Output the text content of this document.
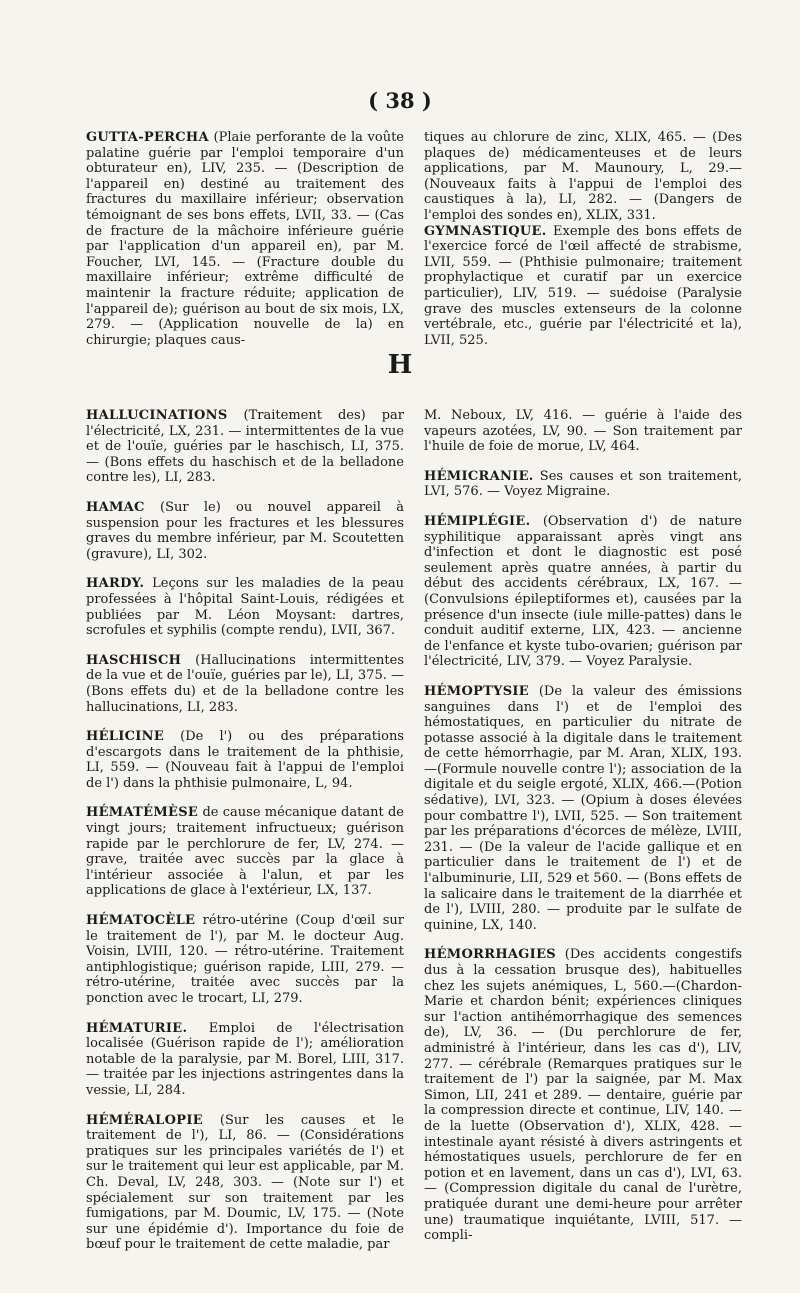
( 38 )

GUTTA-PERCHA (Plaie perforante de la voûte palatine guérie par l'emploi temporaire d'un obturateur en), LIV, 235. — (Description de l'appareil en) destiné au traitement des fractures du maxillaire inférieur; observation témoignant de ses bons effets, LVII, 33. — (Cas de fracture de la mâchoire inférieure guérie par l'application d'un appareil en), par M. Foucher, LVI, 145. — (Fracture double du maxillaire inférieur; extrême difficulté de maintenir la fracture réduite; application de l'appareil de); guérison au bout de six mois, LX, 279. — (Application nouvelle de la) en chirurgie; plaques caus-

tiques au chlorure de zinc, XLIX, 465. — (Des plaques de) médicamenteuses et de leurs applications, par M. Maunoury, L, 29.— (Nouveaux faits à l'appui de l'emploi des caustiques à la), LI, 282. — (Dangers de l'emploi des sondes en), XLIX, 331.

GYMNASTIQUE. Exemple des bons effets de l'exercice forcé de l'œil affecté de strabisme, LVII, 559. — (Phthisie pulmonaire; traitement prophylactique et curatif par un exercice particulier), LIV, 519. — suédoise (Paralysie grave des muscles extenseurs de la colonne vertébrale, etc., guérie par l'électricité et la), LVII, 525.

H

HALLUCINATIONS (Traitement des) par l'électricité, LX, 231. — intermittentes de la vue et de l'ouïe, guéries par le haschisch, LI, 375. — (Bons effets du haschisch et de la belladone contre les), LI, 283.

HAMAC (Sur le) ou nouvel appareil à suspension pour les fractures et les blessures graves du membre inférieur, par M. Scoutetten (gravure), LI, 302.

HARDY. Leçons sur les maladies de la peau professées à l'hôpital Saint-Louis, rédigées et publiées par M. Léon Moysant: dartres, scrofules et syphilis (compte rendu), LVII, 367.

HASCHISCH (Hallucinations intermittentes de la vue et de l'ouïe, guéries par le), LI, 375. — (Bons effets du) et de la belladone contre les hallucinations, LI, 283.

HÉLICINE (De l') ou des préparations d'escargots dans le traitement de la phthisie, LI, 559. — (Nouveau fait à l'appui de l'emploi de l') dans la phthisie pulmonaire, L, 94.

HÉMATÉMÈSE de cause mécanique datant de vingt jours; traitement infructueux; guérison rapide par le perchlorure de fer, LV, 274. — grave, traitée avec succès par la glace à l'intérieur associée à l'alun, et par les applications de glace à l'extérieur, LX, 137.

HÉMATOCÈLE rétro-utérine (Coup d'œil sur le traitement de l'), par M. le docteur Aug. Voisin, LVIII, 120. — rétro-utérine. Traitement antiphlogistique; guérison rapide, LIII, 279. — rétro-utérine, traitée avec succès par la ponction avec le trocart, LI, 279.

HÉMATURIE. Emploi de l'électrisation localisée (Guérison rapide de l'); amélioration notable de la paralysie, par M. Borel, LIII, 317. — traitée par les injections astringentes dans la vessie, LI, 284.

HÉMÉRALOPIE (Sur les causes et le traitement de l'), LI, 86. — (Considérations pratiques sur les principales variétés de l') et sur le traitement qui leur est applicable, par M. Ch. Deval, LV, 248, 303. — (Note sur l') et spécialement sur son traitement par les fumigations, par M. Doumic, LV, 175. — (Note sur une épidémie d'). Importance du foie de bœuf pour le traitement de cette maladie, par

M. Neboux, LV, 416. — guérie à l'aide des vapeurs azotées, LV, 90. — Son traitement par l'huile de foie de morue, LV, 464.

HÉMICRANIE. Ses causes et son traitement, LVI, 576. — Voyez Migraine.

HÉMIPLÉGIE. (Observation d') de nature syphilitique apparaissant après vingt ans d'infection et dont le diagnostic est posé seulement après quatre années, à partir du début des accidents cérébraux, LX, 167. — (Convulsions épileptiformes et), causées par la présence d'un insecte (iule mille-pattes) dans le conduit auditif externe, LIX, 423. — ancienne de l'enfance et kyste tubo-ovarien; guérison par l'électricité, LIV, 379. — Voyez Paralysie.

HÉMOPTYSIE (De la valeur des émissions sanguines dans l') et de l'emploi des hémostatiques, en particulier du nitrate de potasse associé à la digitale dans le traitement de cette hémorrhagie, par M. Aran, XLIX, 193.—(Formule nouvelle contre l'); association de la digitale et du seigle ergoté, XLIX, 466.—(Potion sédative), LVI, 323. — (Opium à doses élevées pour combattre l'), LVII, 525. — Son traitement par les préparations d'écorces de mélèze, LVIII, 231. — (De la valeur de l'acide gallique et en particulier dans le traitement de l') et de l'albuminurie, LII, 529 et 560. — (Bons effets de la salicaire dans le traitement de la diarrhée et de l'), LVIII, 280. — produite par le sulfate de quinine, LX, 140.

HÉMORRHAGIES (Des accidents congestifs dus à la cessation brusque des), habituelles chez les sujets anémiques, L, 560.—(Chardon-Marie et chardon bénit; expériences cliniques sur l'action antihémorrhagique des semences de), LV, 36. — (Du perchlorure de fer, administré à l'intérieur, dans les cas d'), LIV, 277. — cérébrale (Remarques pratiques sur le traitement de l') par la saignée, par M. Max Simon, LII, 241 et 289. — dentaire, guérie par la compression directe et continue, LIV, 140. — de la luette (Observation d'), XLIX, 428. — intestinale ayant résisté à divers astringents et hémostatiques usuels, perchlorure de fer en potion et en lavement, dans un cas d'), LVI, 63. — (Compression digitale du canal de l'urètre, pratiquée durant une demi-heure pour arrêter une) traumatique inquiétante, LVIII, 517. — compli-
